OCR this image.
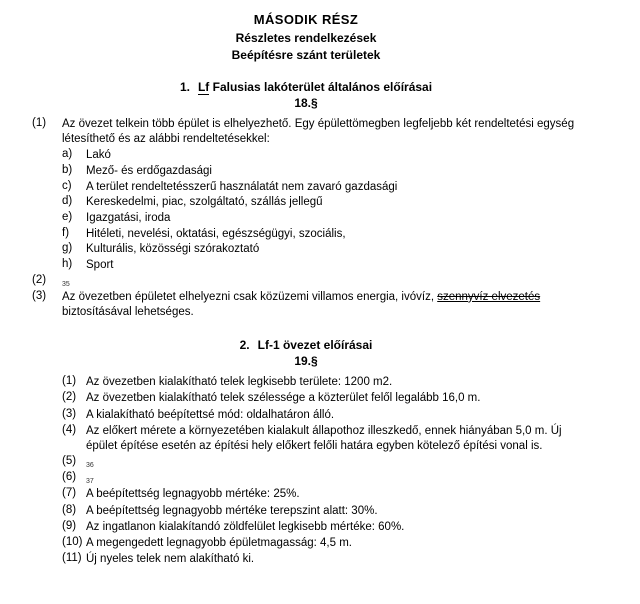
MÁSODIK RÉSZ
Részletes rendelkezések
Beépítésre szánt területek
1. Lf Falusias lakóterület általános előírásai
18.§
(1)	Az övezet telkein több épület is elhelyezhető. Egy épülettömegben legfeljebb két rendeltetési egység létesíthető és az alábbi rendeltetésekkel:
a)	Lakó
b)	Mező- és erdőgazdasági
c)	A terület rendeltetésszerű használatát nem zavaró gazdasági
d)	Kereskedelmi, piac, szolgáltató, szállás jellegű
e)	Igazgatási, iroda
f)	Hitéleti, nevelési, oktatási, egészségügyi, szociális,
g)	Kulturális, közösségi szórakoztató
h)	Sport
(2)	35
(3)	Az övezetben épületet elhelyezni csak közüzemi villamos energia, ivóvíz, szennyvíz elvezetés biztosításával lehetséges.
2. Lf-1 övezet előírásai
19.§
(1) Az övezetben kialakítható telek legkisebb területe: 1200 m2.
(2) Az övezetben kialakítható telek szélessége a közterület felől legalább 16,0 m.
(3) A kialakítható beépítettsé mód: oldalhatáron álló.
(4) Az előkert mérete a környezetében kialakult állapothoz illeszkedő, ennek hiányában 5,0 m. Új épület építése esetén az építési hely előkert felőli határa egyben kötelező építési vonal is.
(5)	36
(6)	37
(7) A beépítettség legnagyobb mértéke: 25%.
(8) A beépítettség legnagyobb mértéke terepszint alatt: 30%.
(9) Az ingatlanon kialakítandó zöldfelület legkisebb mértéke: 60%.
(10) A megengedett legnagyobb épületmagasság: 4,5 m.
(11) Új nyeles telek nem alakítható ki.
